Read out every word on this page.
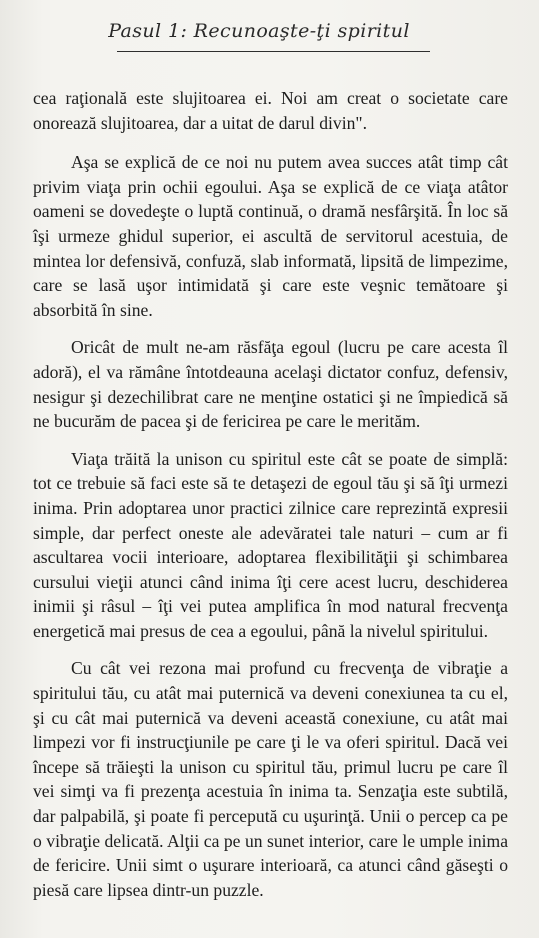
Pasul 1: Recunoaşte-ţi spiritul

cea raţională este slujitoarea ei. Noi am creat o societate care onorează slujitoarea, dar a uitat de darul divin".

Aşa se explică de ce noi nu putem avea succes atât timp cât privim viaţa prin ochii egoului. Aşa se explică de ce viaţa atâtor oameni se dovedeşte o luptă continuă, o dramă nesfârşită. În loc să îşi urmeze ghidul superior, ei ascultă de servitorul acestuia, de mintea lor defensivă, confuză, slab informată, lipsită de limpezime, care se lasă uşor intimidată şi care este veşnic temătoare şi absorbită în sine.

Oricât de mult ne-am răsfăţa egoul (lucru pe care acesta îl adoră), el va rămâne întotdeauna acelaşi dictator confuz, defensiv, nesigur şi dezechilibrat care ne menţine ostatici şi ne împiedică să ne bucurăm de pacea şi de fericirea pe care le merităm.

Viaţa trăită la unison cu spiritul este cât se poate de simplă: tot ce trebuie să faci este să te detaşezi de egoul tău şi să îţi urmezi inima. Prin adoptarea unor practici zilnice care reprezintă expresii simple, dar perfect oneste ale adevăratei tale naturi – cum ar fi ascultarea vocii interioare, adoptarea flexibilităţii şi schimbarea cursului vieţii atunci când inima îţi cere acest lucru, deschiderea inimii şi râsul – îţi vei putea amplifica în mod natural frecvenţa energetică mai presus de cea a egoului, până la nivelul spiritului.

Cu cât vei rezona mai profund cu frecvenţa de vibraţie a spiritului tău, cu atât mai puternică va deveni conexiunea ta cu el, şi cu cât mai puternică va deveni această conexiune, cu atât mai limpezi vor fi instrucţiunile pe care ţi le va oferi spiritul. Dacă vei începe să trăieşti la unison cu spiritul tău, primul lucru pe care îl vei simţi va fi prezenţa acestuia în inima ta. Senzaţia este subtilă, dar palpabilă, şi poate fi percepută cu uşurinţă. Unii o percep ca pe o vibraţie delicată. Alţii ca pe un sunet interior, care le umple inima de fericire. Unii simt o uşurare interioară, ca atunci când găseşti o piesă care lipsea dintr-un puzzle.
